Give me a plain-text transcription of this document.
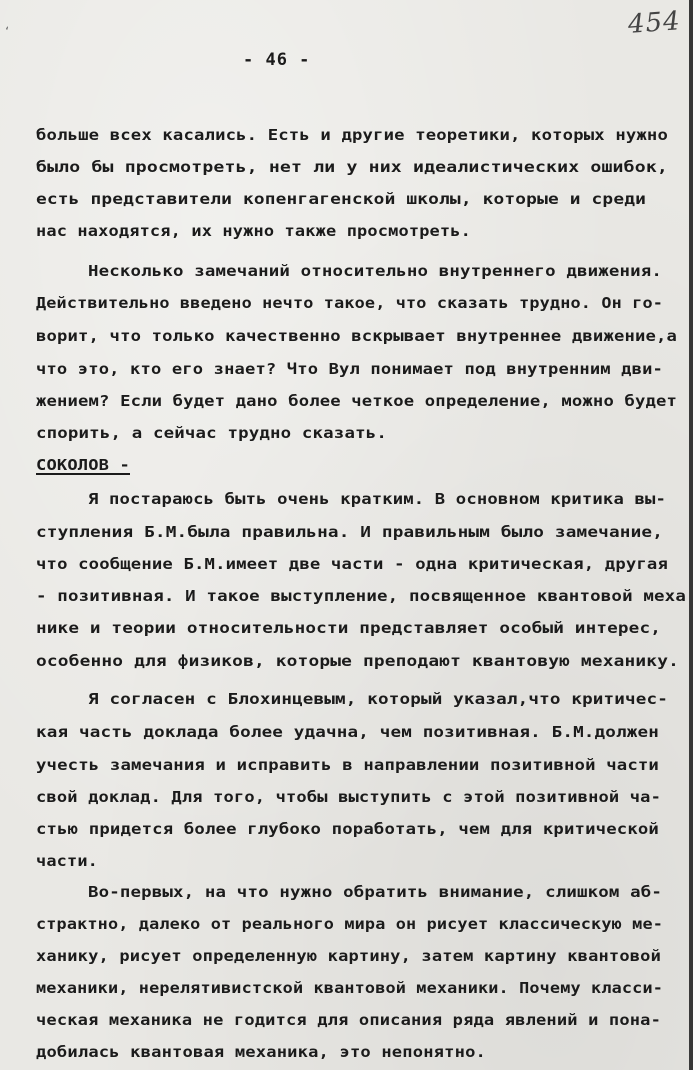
ʻ	454
- 46 -
больше всех касались. Есть и другие теоретики, которых нужно
было бы просмотреть, нет ли у них идеалистических ошибок,
есть представители копенгагенской школы, которые и среди
нас находятся, их нужно также просмотреть.
Несколько замечаний относительно внутреннего движения.
Действительно введено нечто такое, что сказать трудно. Он го-
ворит, что только качественно вскрывает внутреннее движение,а
что это, кто его знает? Что Вул понимает под внутренним дви-
жением? Если будет дано более четкое определение, можно будет
спорить, а сейчас трудно сказать.
СОКОЛОВ -
Я постараюсь быть очень кратким. В основном критика вы-
ступления Б.М.была правильна. И правильным было замечание,
что сообщение Б.М.имеет две части - одна критическая, другая
- позитивная. И такое выступление, посвященное квантовой меха
нике и теории относительности представляет особый интерес,
особенно для физиков, которые преподают квантовую механику.
Я согласен с Блохинцевым, который указал,что критичес-
кая часть доклада более удачна, чем позитивная. Б.М.должен
учесть замечания и исправить в направлении позитивной части
свой доклад. Для того, чтобы выступить с этой позитивной ча-
стью придется более глубоко поработать, чем для критической
части.
Во-первых, на что нужно обратить внимание, слишком аб-
страктно, далеко от реального мира он рисует классическую ме-
ханику, рисует определенную картину, затем картину квантовой
механики, нерелятивистской квантовой механики. Почему класси-
ческая механика не годится для описания ряда явлений и пона-
добилась квантовая механика, это непонятно.
